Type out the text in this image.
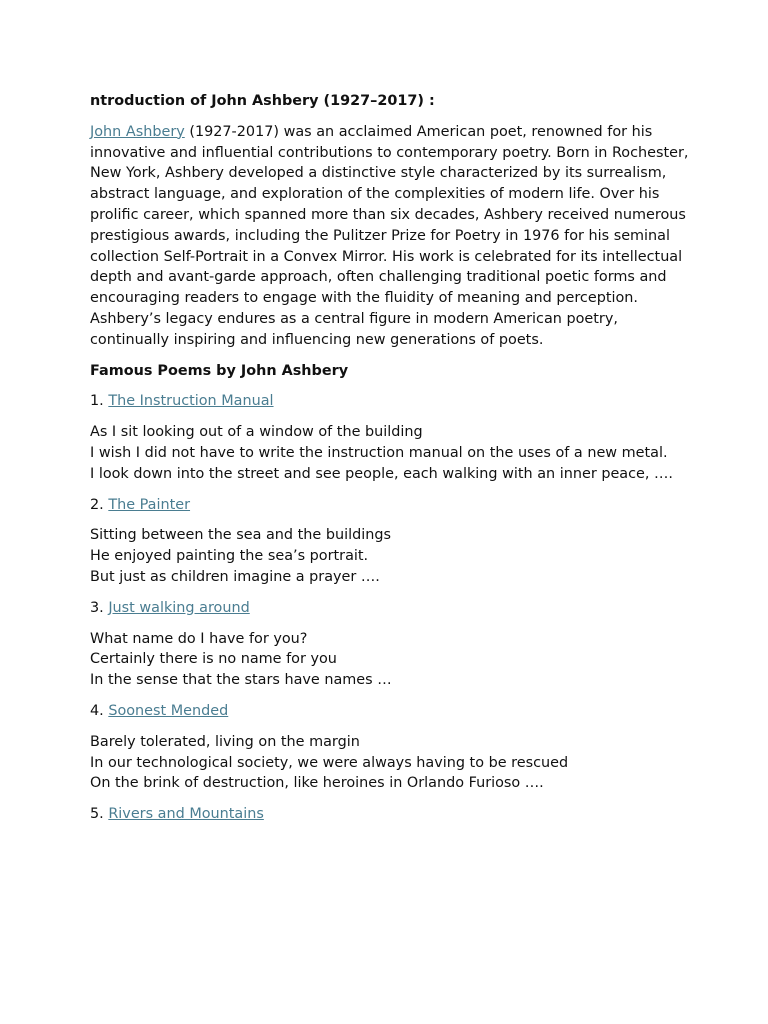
ntroduction of John Ashbery (1927–2017) :

John Ashbery (1927-2017) was an acclaimed American poet, renowned for his innovative and influential contributions to contemporary poetry. Born in Rochester, New York, Ashbery developed a distinctive style characterized by its surrealism, abstract language, and exploration of the complexities of modern life. Over his prolific career, which spanned more than six decades, Ashbery received numerous prestigious awards, including the Pulitzer Prize for Poetry in 1976 for his seminal collection Self-Portrait in a Convex Mirror. His work is celebrated for its intellectual depth and avant-garde approach, often challenging traditional poetic forms and encouraging readers to engage with the fluidity of meaning and perception. Ashbery’s legacy endures as a central figure in modern American poetry, continually inspiring and influencing new generations of poets.

Famous Poems by John Ashbery
1. The Instruction Manual
As I sit looking out of a window of the building
I wish I did not have to write the instruction manual on the uses of a new metal.
I look down into the street and see people, each walking with an inner peace, ….
2. The Painter
Sitting between the sea and the buildings
He enjoyed painting the sea’s portrait.
But just as children imagine a prayer ….
3. Just walking around
What name do I have for you?
Certainly there is no name for you
In the sense that the stars have names …
4. Soonest Mended
Barely tolerated, living on the margin
In our technological society, we were always having to be rescued
On the brink of destruction, like heroines in Orlando Furioso ….
5. Rivers and Mountains
